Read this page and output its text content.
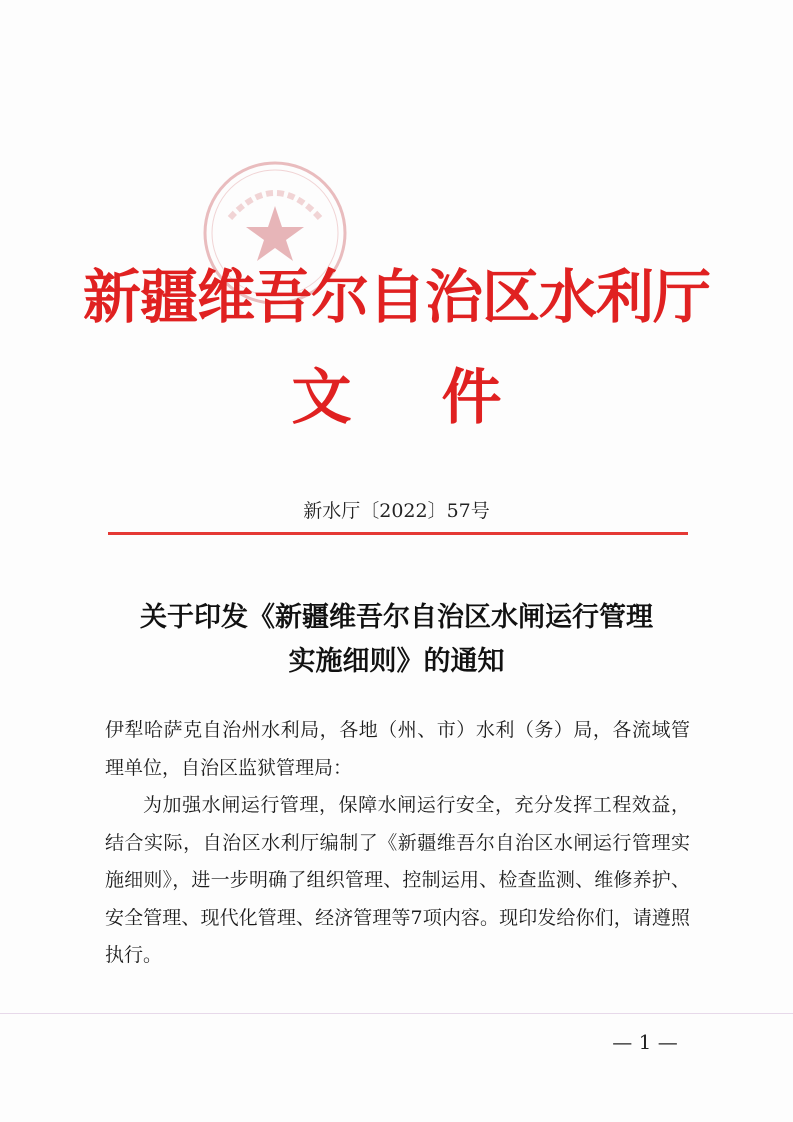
新疆维吾尔自治区水利厅
文件
新水厅〔2022〕57号
关于印发《新疆维吾尔自治区水闸运行管理
实施细则》的通知

伊犁哈萨克自治州水利局，各地（州、市）水利（务）局，各流域管理单位，自治区监狱管理局：

为加强水闸运行管理，保障水闸运行安全，充分发挥工程效益，结合实际，自治区水利厅编制了《新疆维吾尔自治区水闸运行管理实施细则》，进一步明确了组织管理、控制运用、检查监测、维修养护、安全管理、现代化管理、经济管理等7项内容。现印发给你们，请遵照执行。

— 1 —
